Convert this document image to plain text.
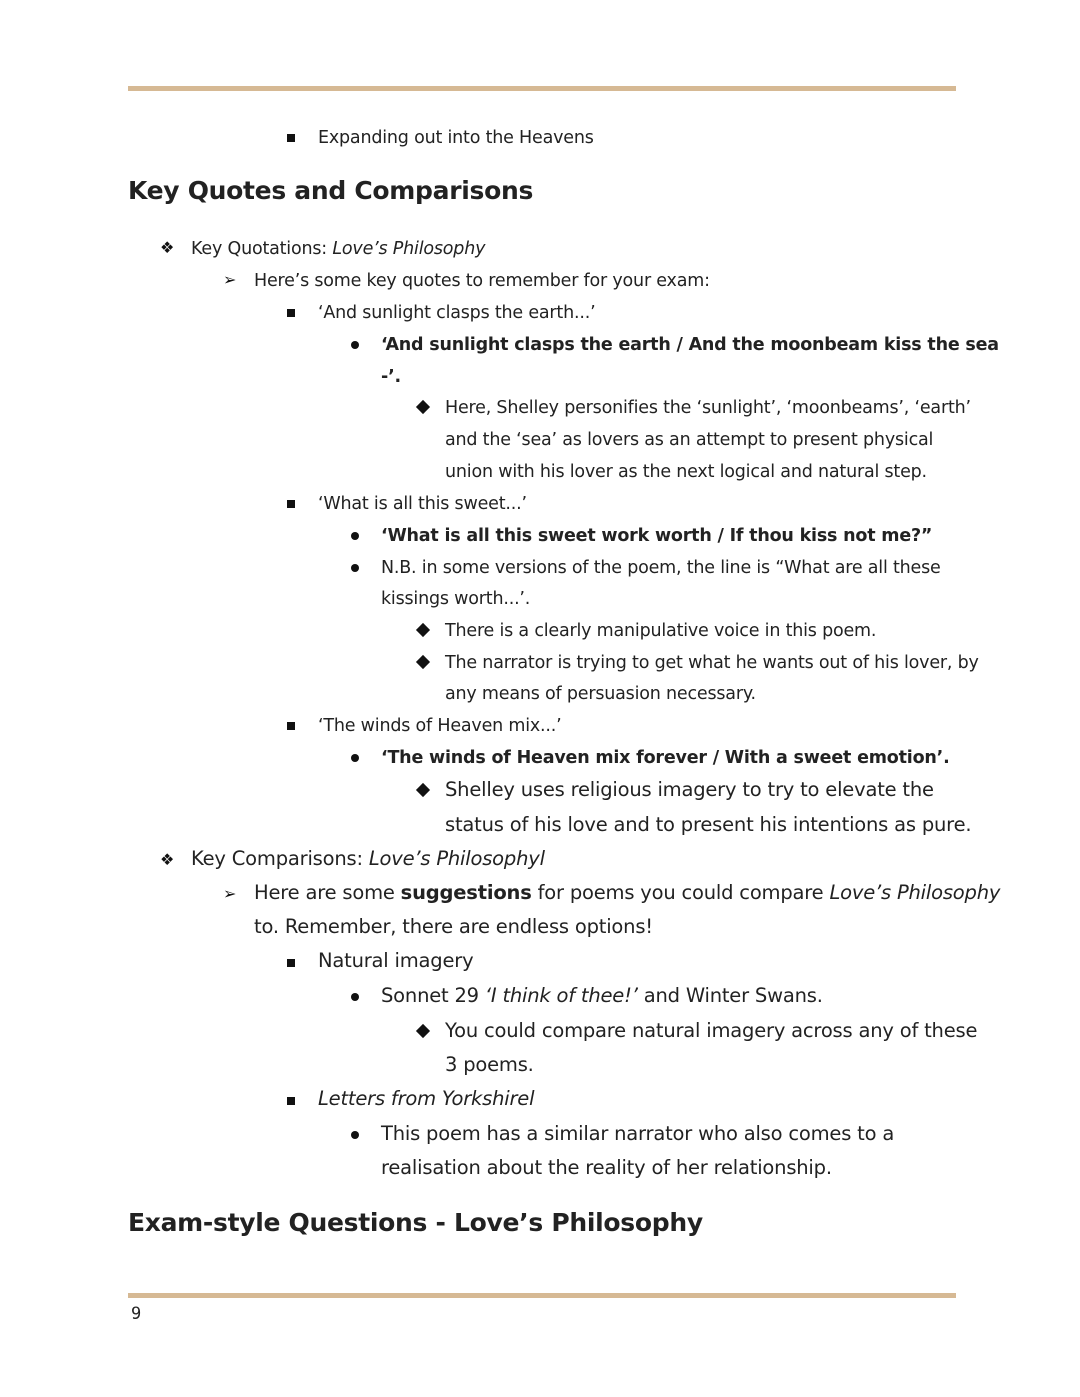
Expanding out into the Heavens
Key Quotes and Comparisons
❖ Key Quotations: Love’s Philosophy
➢ Here’s some key quotes to remember for your exam:
‘And sunlight clasps the earth...’
‘And sunlight clasps the earth / And the moonbeam kiss the sea
-’.
Here, Shelley personifies the ‘sunlight’, ‘moonbeams’, ‘earth’
and the ‘sea’ as lovers as an attempt to present physical
union with his lover as the next logical and natural step.
‘What is all this sweet...’
‘What is all this sweet work worth / If thou kiss not me?”
N.B. in some versions of the poem, the line is “What are all these
kissings worth...’.
There is a clearly manipulative voice in this poem.
The narrator is trying to get what he wants out of his lover, by
any means of persuasion necessary.
‘The winds of Heaven mix...’
‘The winds of Heaven mix forever / With a sweet emotion’.
Shelley uses religious imagery to try to elevate the
status of his love and to present his intentions as pure.
❖ Key Comparisons: Love’s Philosophyl
➢ Here are some suggestions for poems you could compare Love’s Philosophy
to. Remember, there are endless options!
Natural imagery
Sonnet 29 ‘I think of thee!’ and Winter Swans.
You could compare natural imagery across any of these
3 poems.
Letters from Yorkshirel
This poem has a similar narrator who also comes to a
realisation about the reality of her relationship.
Exam-style Questions - Love’s Philosophy
9
